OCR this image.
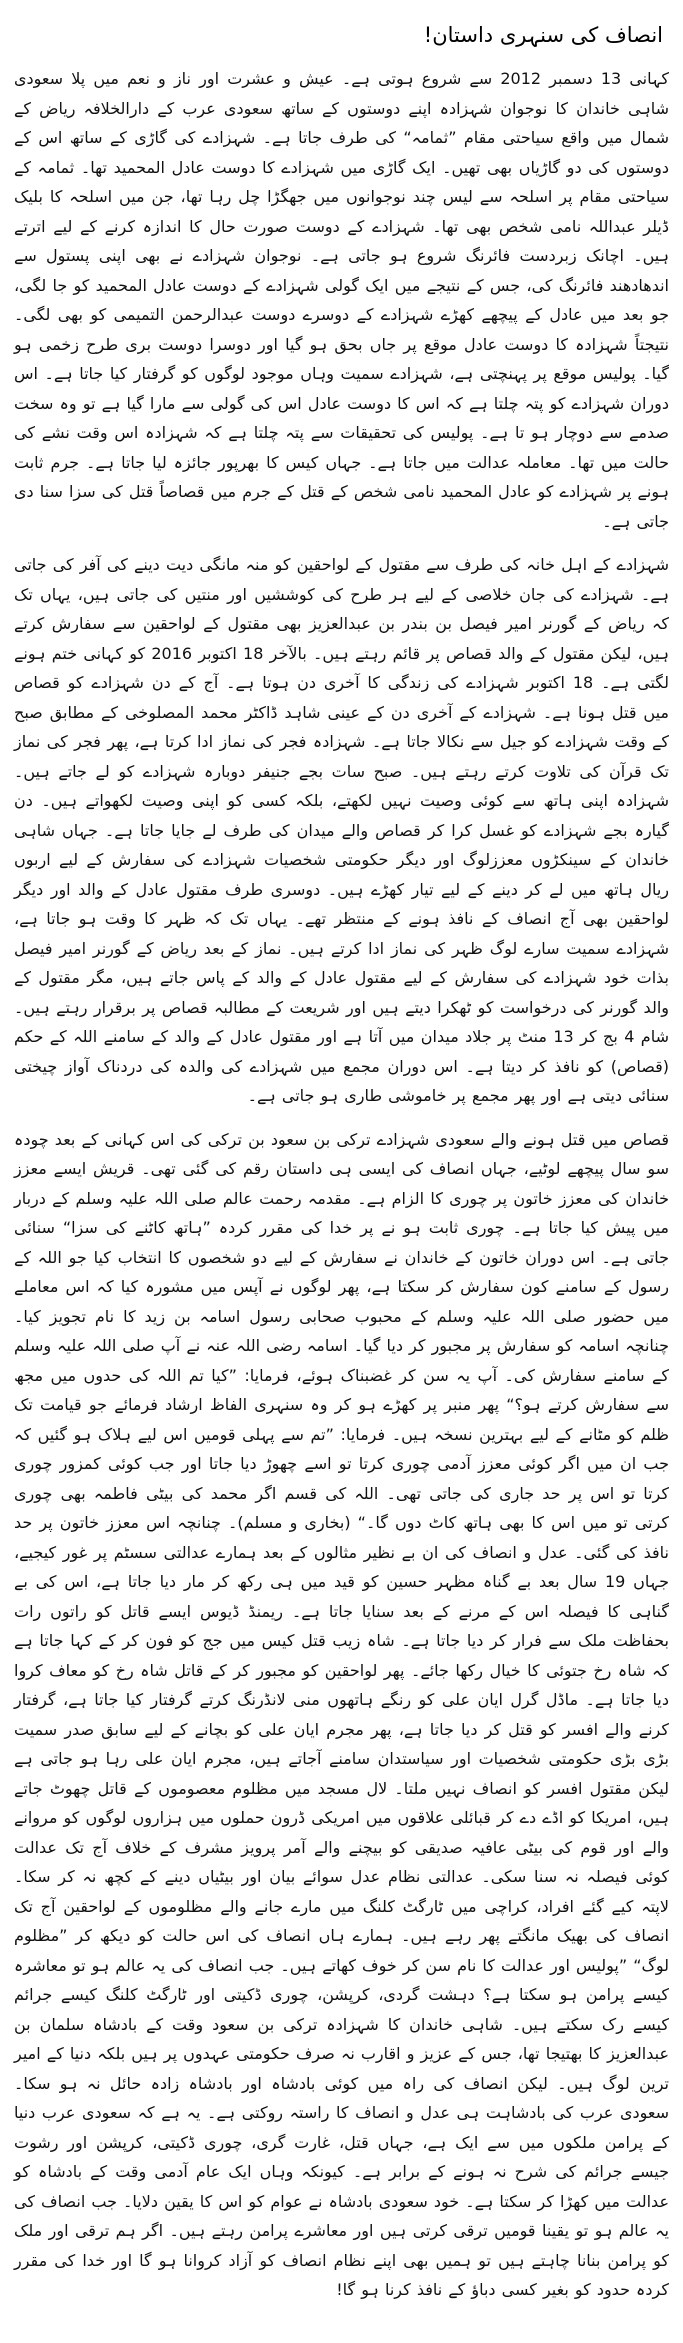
انصاف کی سنہری داستان!

کہانی 13 دسمبر 2012 سے شروع ہوتی ہے۔ عیش و عشرت اور ناز و نعم میں پلا سعودی شاہی خاندان کا نوجوان شہزادہ اپنے دوستوں کے ساتھ سعودی عرب کے دارالخلافہ ریاض کے شمال میں واقع سیاحتی مقام ”ثمامہ“ کی طرف جاتا ہے۔ شہزادے کی گاڑی کے ساتھ اس کے دوستوں کی دو گاڑیاں بھی تھیں۔ ایک گاڑی میں شہزادے کا دوست عادل المحمید تھا۔ ثمامہ کے سیاحتی مقام پر اسلحہ سے لیس چند نوجوانوں میں جھگڑا چل رہا تھا، جن میں اسلحہ کا بلیک ڈیلر عبداللہ نامی شخص بھی تھا۔ شہزادے کے دوست صورت حال کا اندازہ کرنے کے لیے اترتے ہیں۔ اچانک زبردست فائرنگ شروع ہو جاتی ہے۔ نوجوان شہزادے نے بھی اپنی پستول سے اندھادھند فائرنگ کی، جس کے نتیجے میں ایک گولی شہزادے کے دوست عادل المحمید کو جا لگی، جو بعد میں عادل کے پیچھے کھڑے شہزادے کے دوسرے دوست عبدالرحمن التمیمی کو بھی لگی۔ نتیجتاً شہزادہ کا دوست عادل موقع پر جاں بحق ہو گیا اور دوسرا دوست بری طرح زخمی ہو گیا۔ پولیس موقع پر پہنچتی ہے، شہزادے سمیت وہاں موجود لوگوں کو گرفتار کیا جاتا ہے۔ اس دوران شہزادے کو پتہ چلتا ہے کہ اس کا دوست عادل اس کی گولی سے مارا گیا ہے تو وہ سخت صدمے سے دوچار ہو تا ہے۔ پولیس کی تحقیقات سے پتہ چلتا ہے کہ شہزادہ اس وقت نشے کی حالت میں تھا۔ معاملہ عدالت میں جاتا ہے۔ جہاں کیس کا بھرپور جائزہ لیا جاتا ہے۔ جرم ثابت ہونے پر شہزادے کو عادل المحمید نامی شخص کے قتل کے جرم میں قصاصاً قتل کی سزا سنا دی جاتی ہے۔

شہزادے کے اہل خانہ کی طرف سے مقتول کے لواحقین کو منہ مانگی دیت دینے کی آفر کی جاتی ہے۔ شہزادے کی جان خلاصی کے لیے ہر طرح کی کوششیں اور منتیں کی جاتی ہیں، یہاں تک کہ ریاض کے گورنر امیر فیصل بن بندر بن عبدالعزیز بھی مقتول کے لواحقین سے سفارش کرتے ہیں، لیکن مقتول کے والد قصاص پر قائم رہتے ہیں۔ بالآخر 18 اکتوبر 2016 کو کہانی ختم ہونے لگتی ہے۔ 18 اکتوبر شہزادے کی زندگی کا آخری دن ہوتا ہے۔ آج کے دن شہزادے کو قصاص میں قتل ہونا ہے۔ شہزادے کے آخری دن کے عینی شاہد ڈاکٹر محمد المصلوخی کے مطابق صبح کے وقت شہزادے کو جیل سے نکالا جاتا ہے۔ شہزادہ فجر کی نماز ادا کرتا ہے، پھر فجر کی نماز تک قرآن کی تلاوت کرتے رہتے ہیں۔ صبح سات بجے جنیفر دوبارہ شہزادے کو لے جاتے ہیں۔ شہزادہ اپنی ہاتھ سے کوئی وصیت نہیں لکھتے، بلکہ کسی کو اپنی وصیت لکھواتے ہیں۔ دن گیارہ بجے شہزادے کو غسل کرا کر قصاص والے میدان کی طرف لے جایا جاتا ہے۔ جہاں شاہی خاندان کے سینکڑوں معززلوگ اور دیگر حکومتی شخصیات شہزادے کی سفارش کے لیے اربوں ریال ہاتھ میں لے کر دینے کے لیے تیار کھڑے ہیں۔ دوسری طرف مقتول عادل کے والد اور دیگر لواحقین بھی آج انصاف کے نافذ ہونے کے منتظر تھے۔ یہاں تک کہ ظہر کا وقت ہو جاتا ہے، شہزادے سمیت سارے لوگ ظہر کی نماز ادا کرتے ہیں۔ نماز کے بعد ریاض کے گورنر امیر فیصل بذات خود شہزادے کی سفارش کے لیے مقتول عادل کے والد کے پاس جاتے ہیں، مگر مقتول کے والد گورنر کی درخواست کو ٹھکرا دیتے ہیں اور شریعت کے مطالبہ قصاص پر برقرار رہتے ہیں۔ شام 4 بج کر 13 منٹ پر جلاد میدان میں آتا ہے اور مقتول عادل کے والد کے سامنے اللہ کے حکم (قصاص) کو نافذ کر دیتا ہے۔ اس دوران مجمع میں شہزادے کی والدہ کی دردناک آواز چیختی سنائی دیتی ہے اور پھر مجمع پر خاموشی طاری ہو جاتی ہے۔

قصاص میں قتل ہونے والے سعودی شہزادے ترکی بن سعود بن ترکی کی اس کہانی کے بعد چودہ سو سال پیچھے لوٹیے، جہاں انصاف کی ایسی ہی داستان رقم کی گئی تھی۔ قریش ایسے معزز خاندان کی معزز خاتون پر چوری کا الزام ہے۔ مقدمہ رحمت عالم صلی اللہ علیہ وسلم کے دربار میں پیش کیا جاتا ہے۔ چوری ثابت ہو نے پر خدا کی مقرر کردہ ”ہاتھ کاٹنے کی سزا“ سنائی جاتی ہے۔ اس دوران خاتون کے خاندان نے سفارش کے لیے دو شخصوں کا انتخاب کیا جو اللہ کے رسول کے سامنے کون سفارش کر سکتا ہے، پھر لوگوں نے آپس میں مشورہ کیا کہ اس معاملے میں حضور صلی اللہ علیہ وسلم کے محبوب صحابی رسول اسامہ بن زید کا نام تجویز کیا۔ چنانچہ اسامہ کو سفارش پر مجبور کر دیا گیا۔ اسامہ رضی اللہ عنہ نے آپ صلی اللہ علیہ وسلم کے سامنے سفارش کی۔ آپ یہ سن کر غضبناک ہوئے، فرمایا: ”کیا تم اللہ کی حدوں میں مجھ سے سفارش کرتے ہو؟“ پھر منبر پر کھڑے ہو کر وہ سنہری الفاظ ارشاد فرمائے جو قیامت تک ظلم کو مٹانے کے لیے بہترین نسخہ ہیں۔ فرمایا: ”تم سے پہلی قومیں اس لیے ہلاک ہو گئیں کہ جب ان میں اگر کوئی معزز آدمی چوری کرتا تو اسے چھوڑ دیا جاتا اور جب کوئی کمزور چوری کرتا تو اس پر حد جاری کی جاتی تھی۔ اللہ کی قسم اگر محمد کی بیٹی فاطمہ بھی چوری کرتی تو میں اس کا بھی ہاتھ کاٹ دوں گا۔“ (بخاری و مسلم)۔ چنانچہ اس معزز خاتون پر حد نافذ کی گئی۔ عدل و انصاف کی ان بے نظیر مثالوں کے بعد ہمارے عدالتی سسٹم پر غور کیجیے، جہاں 19 سال بعد بے گناہ مظہر حسین کو قید میں ہی رکھ کر مار دیا جاتا ہے، اس کی بے گناہی کا فیصلہ اس کے مرنے کے بعد سنایا جاتا ہے۔ ریمنڈ ڈیوس ایسے قاتل کو راتوں رات بحفاظت ملک سے فرار کر دیا جاتا ہے۔ شاہ زیب قتل کیس میں جج کو فون کر کے کہا جاتا ہے کہ شاہ رخ جتوئی کا خیال رکھا جائے۔ پھر لواحقین کو مجبور کر کے قاتل شاہ رخ کو معاف کروا دیا جاتا ہے۔ ماڈل گرل ایان علی کو رنگے ہاتھوں منی لانڈرنگ کرتے گرفتار کیا جاتا ہے، گرفتار کرنے والے افسر کو قتل کر دیا جاتا ہے، پھر مجرم ایان علی کو بچانے کے لیے سابق صدر سمیت بڑی بڑی حکومتی شخصیات اور سیاستدان سامنے آجاتے ہیں، مجرم ایان علی رہا ہو جاتی ہے لیکن مقتول افسر کو انصاف نہیں ملتا۔ لال مسجد میں مظلوم معصوموں کے قاتل چھوٹ جاتے ہیں، امریکا کو اڈے دے کر قبائلی علاقوں میں امریکی ڈرون حملوں میں ہزاروں لوگوں کو مروانے والے اور قوم کی بیٹی عافیہ صدیقی کو بیچنے والے آمر پرویز مشرف کے خلاف آج تک عدالت کوئی فیصلہ نہ سنا سکی۔ عدالتی نظام عدل سوائے بیان اور بیٹیاں دینے کے کچھ نہ کر سکا۔ لاپتہ کیے گئے افراد، کراچی میں ٹارگٹ کلنگ میں مارے جانے والے مظلوموں کے لواحقین آج تک انصاف کی بھیک مانگتے پھر رہے ہیں۔ ہمارے ہاں انصاف کی اس حالت کو دیکھ کر ”مظلوم لوگ“ ”پولیس اور عدالت کا نام سن کر خوف کھاتے ہیں۔ جب انصاف کی یہ عالم ہو تو معاشرہ کیسے پرامن ہو سکتا ہے؟ دہشت گردی، کرپشن، چوری ڈکیتی اور ٹارگٹ کلنگ کیسے جرائم کیسے رک سکتے ہیں۔ شاہی خاندان کا شہزادہ ترکی بن سعود وقت کے بادشاہ سلمان بن عبدالعزیز کا بھتیجا تھا، جس کے عزیز و اقارب نہ صرف حکومتی عہدوں پر ہیں بلکہ دنیا کے امیر ترین لوگ ہیں۔ لیکن انصاف کی راہ میں کوئی بادشاہ اور بادشاہ زادہ حائل نہ ہو سکا۔ سعودی عرب کی بادشاہت ہی عدل و انصاف کا راستہ روکتی ہے۔ یہ ہے کہ سعودی عرب دنیا کے پرامن ملکوں میں سے ایک ہے، جہاں قتل، غارت گری، چوری ڈکیتی، کرپشن اور رشوت جیسے جرائم کی شرح نہ ہونے کے برابر ہے۔ کیونکہ وہاں ایک عام آدمی وقت کے بادشاہ کو عدالت میں کھڑا کر سکتا ہے۔ خود سعودی بادشاہ نے عوام کو اس کا یقین دلایا۔ جب انصاف کی یہ عالم ہو تو یقینا قومیں ترقی کرتی ہیں اور معاشرے پرامن رہتے ہیں۔ اگر ہم ترقی اور ملک کو پرامن بنانا چاہتے ہیں تو ہمیں بھی اپنے نظام انصاف کو آزاد کروانا ہو گا اور خدا کی مقرر کردہ حدود کو بغیر کسی دباؤ کے نافذ کرنا ہو گا!
